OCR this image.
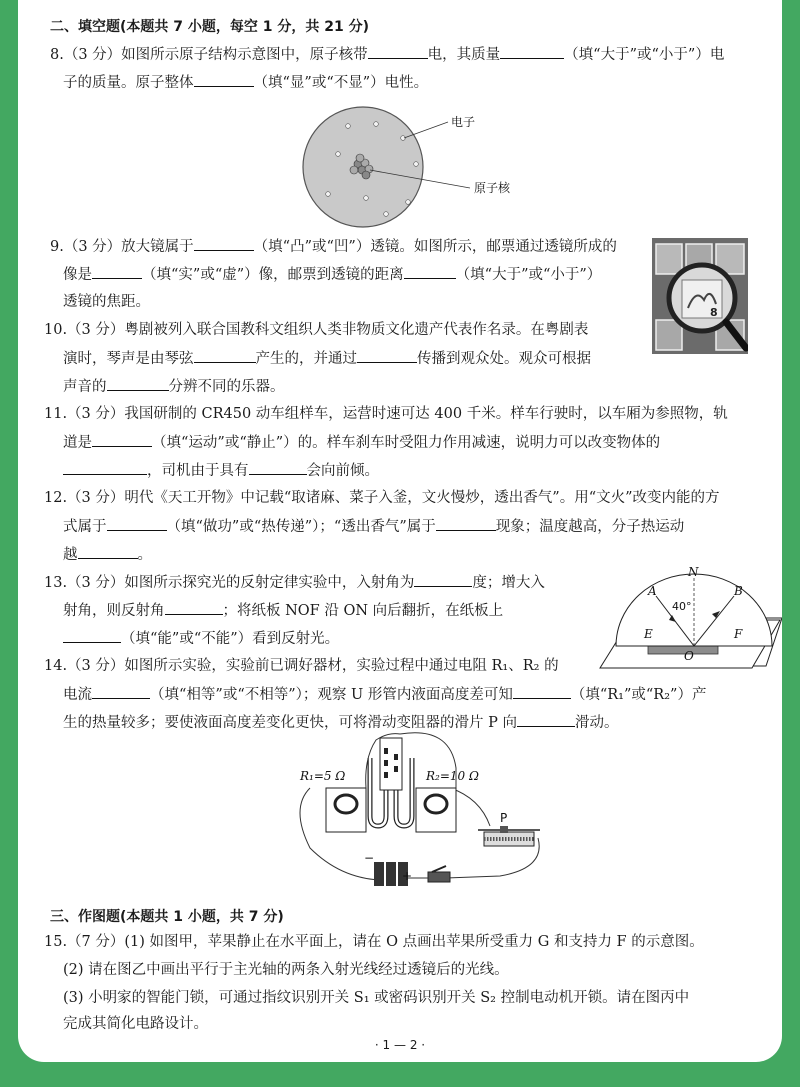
二、填空题(本题共 7 小题，每空 1 分，共 21 分)
8.（3 分）如图所示原子结构示意图中，原子核带	电，其质量	（填“大于”或“小于”）电
子的质量。原子整体	（填“显”或“不显”）电性。
电子
原子核
9.（3 分）放大镜属于	（填“凸”或“凹”）透镜。如图所示，邮票通过透镜所成的
像是	（填“实”或“虚”）像，邮票到透镜的距离	（填“大于”或“小于”）
透镜的焦距。
8
10.（3 分）粤剧被列入联合国教科文组织人类非物质文化遗产代表作名录。在粤剧表
演时，琴声是由琴弦	产生的，并通过	传播到观众处。观众可根据
声音的	分辨不同的乐器。
11.（3 分）我国研制的 CR450 动车组样车，运营时速可达 400 千米。样车行驶时，以车厢为参照物，轨
道是	（填“运动”或“静止”）的。样车刹车时受阻力作用减速，说明力可以改变物体的
，司机由于具有	会向前倾。
12.（3 分）明代《天工开物》中记载“取诸麻、菜子入釜，文火慢炒，透出香气”。用“文火”改变内能的方
式属于	（填“做功”或“热传递”）；“透出香气”属于	现象；温度越高，分子热运动
越	。
13.（3 分）如图所示探究光的反射定律实验中，入射角为	度；增大入
射角，则反射角	；将纸板 NOF 沿 ON 向后翻折，在纸板上
（填“能”或“不能”）看到反射光。
N
A	B
E	F
O
40°
14.（3 分）如图所示实验，实验前已调好器材，实验过程中通过电阻 R₁、R₂ 的
电流	（填“相等”或“不相等”）；观察 U 形管内液面高度差可知	（填“R₁”或“R₂”）产
生的热量较多；要使液面高度差变化更快，可将滑动变阻器的滑片 P 向	滑动。
R₁=5 Ω	R₂=10 Ω
P
−
+
三、作图题(本题共 1 小题，共 7 分)
15.（7 分）(1) 如图甲，苹果静止在水平面上，请在 O 点画出苹果所受重力 G 和支持力 F 的示意图。
(2) 请在图乙中画出平行于主光轴的两条入射光线经过透镜后的光线。
(3) 小明家的智能门锁，可通过指纹识别开关 S₁ 或密码识别开关 S₂ 控制电动机开锁。请在图丙中
完成其简化电路设计。
· 1 — 2 ·
